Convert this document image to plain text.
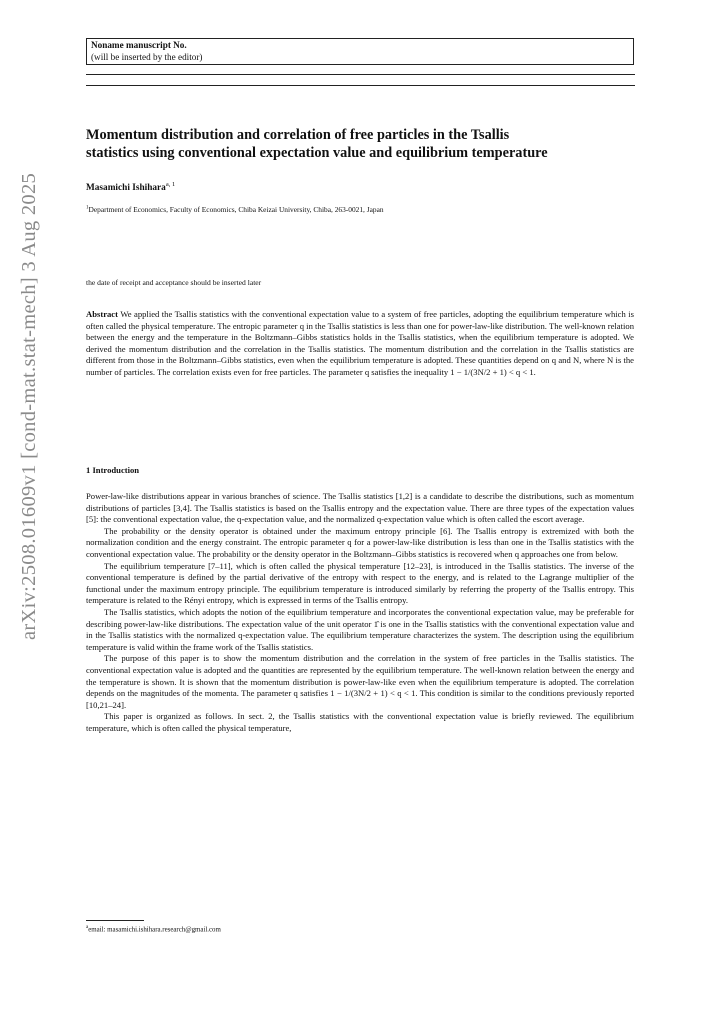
arXiv:2508.01609v1 [cond-mat.stat-mech] 3 Aug 2025
Noname manuscript No.
(will be inserted by the editor)
Momentum distribution and correlation of free particles in the Tsallis
statistics using conventional expectation value and equilibrium temperature
Masamichi Ishihara$^{a, 1}$
$^1$Department of Economics, Faculty of Economics, Chiba Keizai University, Chiba, 263-0021, Japan
the date of receipt and acceptance should be inserted later
Abstract We applied the Tsallis statistics with the conventional expectation value to a system of free particles, adopting the equilibrium temperature which is often called the physical temperature. The entropic parameter q in the Tsallis statistics is less than one for power-law-like distribution. The well-known relation between the energy and the temperature in the Boltzmann–Gibbs statistics holds in the Tsallis statistics, when the equilibrium temperature is adopted. We derived the momentum distribution and the correlation in the Tsallis statistics. The momentum distribution and the correlation in the Tsallis statistics are different from those in the Boltzmann–Gibbs statistics, even when the equilibrium temperature is adopted. These quantities depend on q and N, where N is the number of particles. The correlation exists even for free particles. The parameter q satisfies the inequality 1 − 1/(3N/2 + 1) < q < 1.
1 Introduction

Power-law-like distributions appear in various branches of science. The Tsallis statistics [1,2] is a candidate to describe the distributions, such as momentum distributions of particles [3,4]. The Tsallis statistics is based on the Tsallis entropy and the expectation value. There are three types of the expectation values [5]: the conventional expectation value, the q-expectation value, and the normalized q-expectation value which is often called the escort average.

The probability or the density operator is obtained under the maximum entropy principle [6]. The Tsallis entropy is extremized with both the normalization condition and the energy constraint. The entropic parameter q for a power-law-like distribution is less than one in the Tsallis statistics with the conventional expectation value. The probability or the density operator in the Boltzmann–Gibbs statistics is recovered when q approaches one from below.

The equilibrium temperature [7–11], which is often called the physical temperature [12–23], is introduced in the Tsallis statistics. The inverse of the conventional temperature is defined by the partial derivative of the entropy with respect to the energy, and is related to the Lagrange multiplier of the functional under the maximum entropy principle. The equilibrium temperature is introduced similarly by referring the property of the Tsallis entropy. This temperature is related to the Rényi entropy, which is expressed in terms of the Tsallis entropy.

The Tsallis statistics, which adopts the notion of the equilibrium temperature and incorporates the conventional expectation value, may be preferable for describing power-law-like distributions. The expectation value of the unit operator 1̂ is one in the Tsallis statistics with the conventional expectation value and in the Tsallis statistics with the normalized q-expectation value. The equilibrium temperature characterizes the system. The description using the equilibrium temperature is valid within the frame work of the Tsallis statistics.

The purpose of this paper is to show the momentum distribution and the correlation in the system of free particles in the Tsallis statistics. The conventional expectation value is adopted and the quantities are represented by the equilibrium temperature. The well-known relation between the energy and the temperature is shown. It is shown that the momentum distribution is power-law-like even when the equilibrium temperature is adopted. The correlation depends on the magnitudes of the momenta. The parameter q satisfies 1 − 1/(3N/2 + 1) < q < 1. This condition is similar to the conditions previously reported [10,21–24].

This paper is organized as follows. In sect. 2, the Tsallis statistics with the conventional expectation value is briefly reviewed. The equilibrium temperature, which is often called the physical temperature,

$^a$email: masamichi.ishihara.research@gmail.com
